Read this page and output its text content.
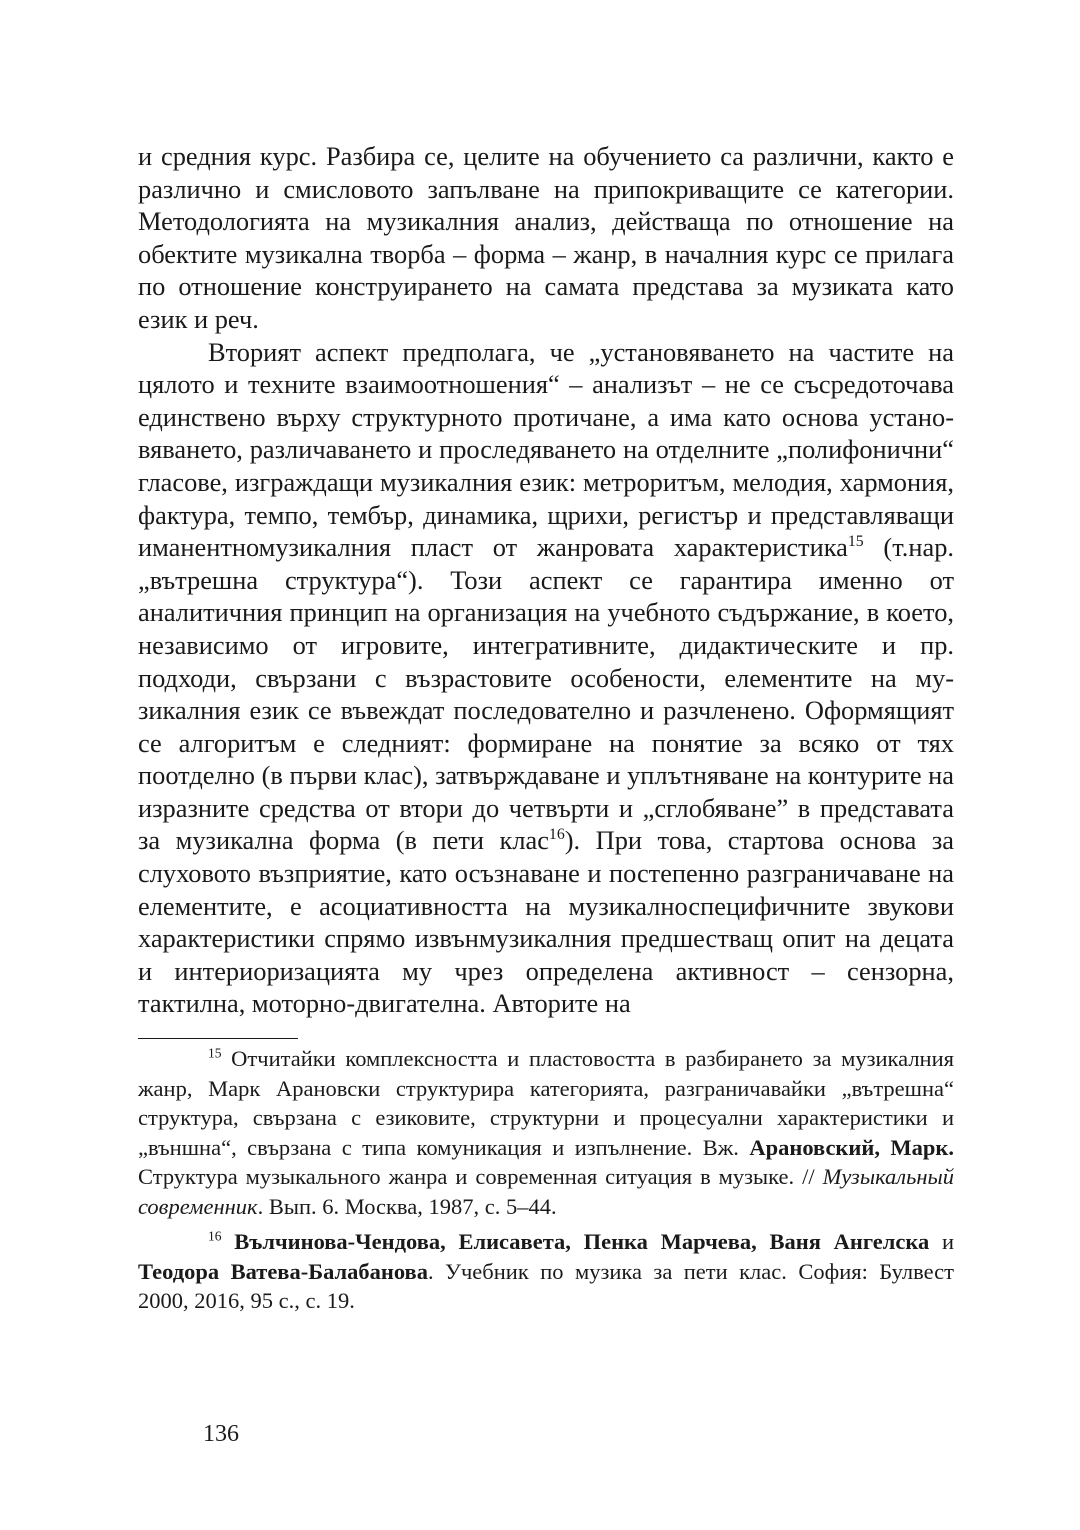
и средния курс. Разбира се, целите на обучението са различни, както е различно и смисловото запълване на припокриващите се категории. Методологията на музикалния анализ, действаща по отношение на обектите музикална творба – форма – жанр, в началния курс се прилага по отношение конструирането на самата представа за музиката като език и реч.

Вторият аспект предполага, че „установяването на частите на цялото и техните взаимоотношения“ – анализът – не се съсредоточава единствено върху структурното протичане, а има като основа установяването, различаването и проследяването на отделните „полифонични“ гласове, изграждащи музикалния език: метроритъм, мелодия, хармония, фактура, темпо, тембър, динамика, щрихи, регистър и представляващи иманентномузикалния пласт от жанровата характеристика$^{15}$ (т.нар. „вътрешна структура“). Този аспект се гарантира именно от аналитичния принцип на организация на учебното съдържание, в което, независимо от игровите, интегративните, дидактическите и пр. подходи, свързани с възрастовите особености, елементите на музикалния език се въвеждат последователно и разчленено. Оформящият се алгоритъм е следният: формиране на понятие за всяко от тях поотделно (в първи клас), затвърждаване и уплътняване на контурите на изразните средства от втори до четвърти и „сглобяване” в представата за музикална форма (в пети клас$^{16}$). При това, стартова основа за слуховото възприятие, като осъзнаване и постепенно разграничаване на елементите, е асоциативността на музикалноспецифичните звукови характеристики спрямо извънмузикалния предшестващ опит на децата и интериоризацията му чрез определена активност – сензорна, тактилна, моторно-двигателна. Авторите на

$^{15}$ Отчитайки комплексността и пластовостта в разбирането за музикалния жанр, Марк Арановски структурира категорията, разграничавайки „вътрешна“ структура, свързана с езиковите, структурни и процесуални характеристики и „външна“, свързана с типа комуникация и изпълнение. Вж. Арановский, Марк. Структура музыкального жанра и современная ситуация в музыке. // Музыкальный современник. Вып. 6. Москва, 1987, с. 5–44.

$^{16}$ Вълчинова-Чендова, Елисавета, Пенка Марчева, Ваня Ангелска и Теодора Ватева-Балабанова. Учебник по музика за пети клас. София: Булвест 2000, 2016, 95 с., с. 19.

136
